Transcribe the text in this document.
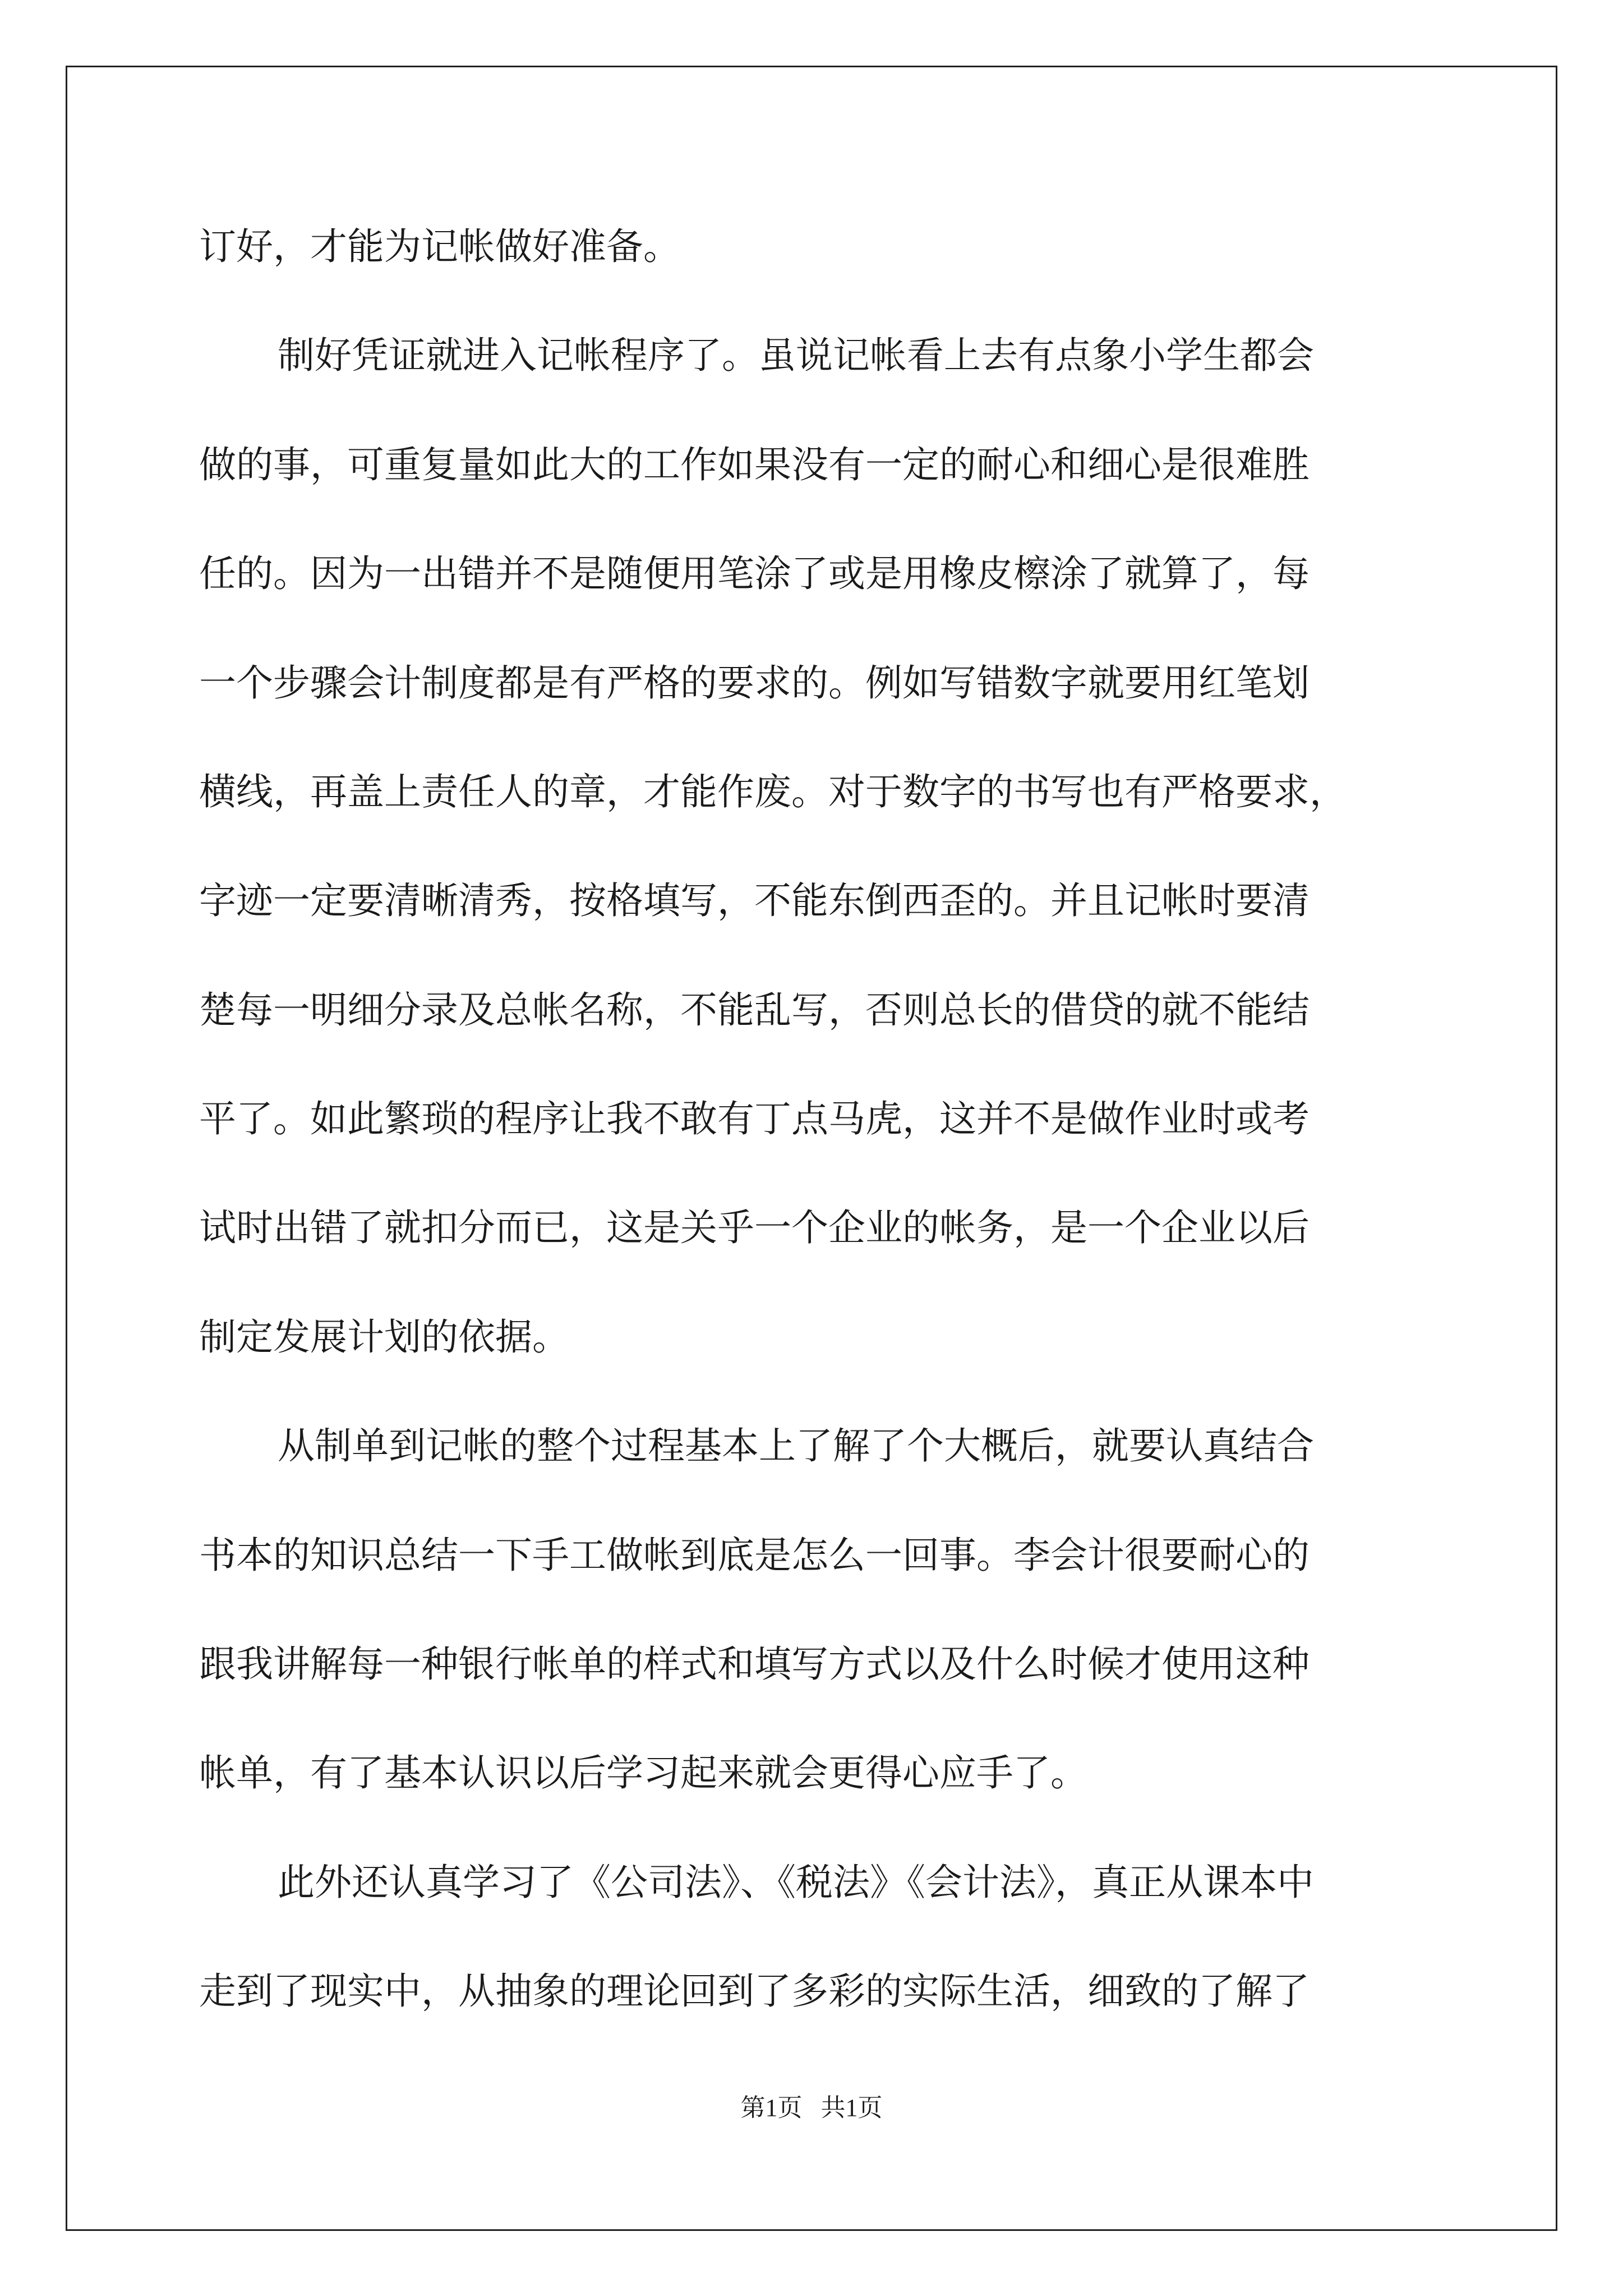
订好，才能为记帐做好准备。
制好凭证就进入记帐程序了。虽说记帐看上去有点象小学生都会
做的事，可重复量如此大的工作如果没有一定的耐心和细心是很难胜
任的。因为一出错并不是随便用笔涂了或是用橡皮檫涂了就算了，每
一个步骤会计制度都是有严格的要求的。例如写错数字就要用红笔划
横线，再盖上责任人的章，才能作废。对于数字的书写也有严格要求，
字迹一定要清晰清秀，按格填写，不能东倒西歪的。并且记帐时要清
楚每一明细分录及总帐名称，不能乱写，否则总长的借贷的就不能结
平了。如此繁琐的程序让我不敢有丁点马虎，这并不是做作业时或考
试时出错了就扣分而已，这是关乎一个企业的帐务，是一个企业以后
制定发展计划的依据。
从制单到记帐的整个过程基本上了解了个大概后，就要认真结合
书本的知识总结一下手工做帐到底是怎么一回事。李会计很要耐心的
跟我讲解每一种银行帐单的样式和填写方式以及什么时候才使用这种
帐单，有了基本认识以后学习起来就会更得心应手了。
此外还认真学习了《公司法》、《税法》《会计法》，真正从课本中
第1页   共1页
走到了现实中，从抽象的理论回到了多彩的实际生活，细致的了解了
